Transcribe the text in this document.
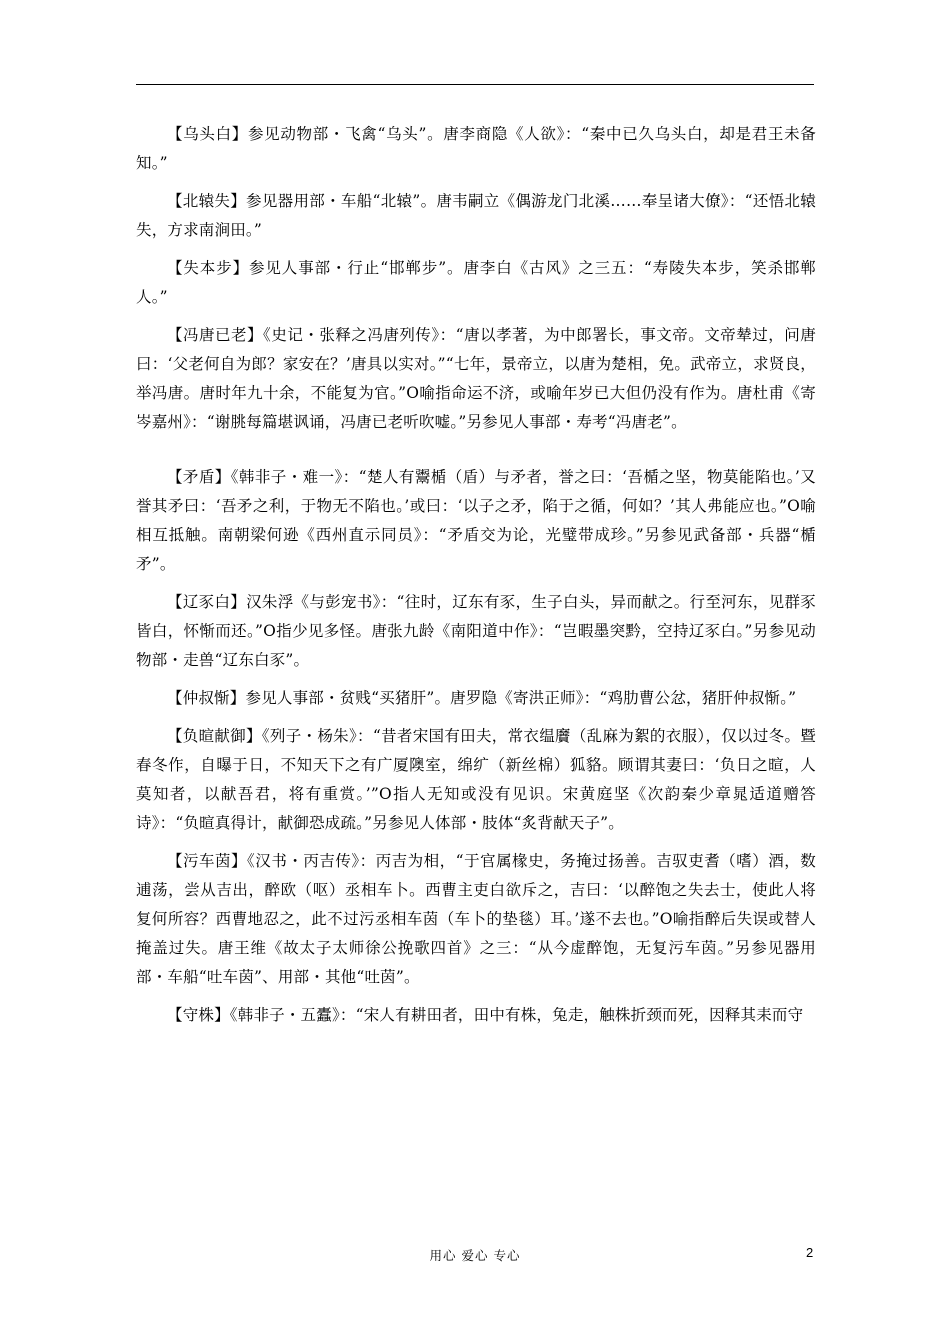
【乌头白】参见动物部・飞禽“乌头”。唐李商隐《人欲》：“秦中已久乌头白，却是君王未备知。”

【北辕失】参见器用部・车船“北辕”。唐韦嗣立《偶游龙门北溪……奉呈诸大僚》：“还悟北辕失，方求南涧田。”

【失本步】参见人事部・行止“邯郸步”。唐李白《古风》之三五：“寿陵失本步，笑杀邯郸人。”

【冯唐已老】《史记・张释之冯唐列传》：“唐以孝著，为中郎署长，事文帝。文帝辇过，问唐曰：‘父老何自为郎？家安在？’唐具以实对。”“七年，景帝立，以唐为楚相，免。武帝立，求贤良，举冯唐。唐时年九十余，不能复为官。”О喻指命运不济，或喻年岁已大但仍没有作为。唐杜甫《寄岑嘉州》：“谢朓每篇堪讽诵，冯唐已老听吹嘘。”另参见人事部・寿考“冯唐老”。

【矛盾】《韩非子・难一》：“楚人有鬻楯（盾）与矛者，誉之曰：‘吾楯之坚，物莫能陷也。’又誉其矛曰：‘吾矛之利，于物无不陷也。’或曰：‘以子之矛，陷于之循，何如？’其人弗能应也。”О喻相互抵触。南朝梁何逊《西州直示同员》：“矛盾交为论，光璧带成珍。”另参见武备部・兵器“楯矛”。

【辽豕白】汉朱浮《与彭宠书》：“往时，辽东有豕，生子白头，异而献之。行至河东，见群豕皆白，怀惭而还。”О指少见多怪。唐张九龄《南阳道中作》：“岂暇墨突黔，空持辽豕白。”另参见动物部・走兽“辽东白豕”。

【仲叔惭】参见人事部・贫贱“买猪肝”。唐罗隐《寄洪正师》：“鸡肋曹公忿，猪肝仲叔惭。”

【负暄献御】《列子・杨朱》：“昔者宋国有田夫，常衣缊黂（乱麻为絮的衣服），仅以过冬。暨春冬作，自曝于日，不知天下之有广厦隩室，绵纩（新丝棉）狐貉。顾谓其妻曰：‘负日之暄，人莫知者，以献吾君，将有重赏。’”О指人无知或没有见识。宋黄庭坚《次韵秦少章晁适道赠答诗》：“负暄真得计，献御恐成疏。”另参见人体部・肢体“炙背献天子”。

【污车茵】《汉书・丙吉传》：丙吉为相，“于官属椽史，务掩过扬善。吉驭吏耆（嗜）酒，数逋荡，尝从吉出，醉欧（呕）丞相车卜。西曹主吏白欲斥之，吉曰：‘以醉饱之失去士，使此人将复何所容？西曹地忍之，此不过污丞相车茵（车卜的垫毯）耳。’遂不去也。”О喻指醉后失误或替人掩盖过失。唐王维《故太子太师徐公挽歌四首》之三：“从今虚醉饱，无复污车茵。”另参见器用部・车船“吐车茵”、用部・其他“吐茵”。

【守株】《韩非子・五蠹》：“宋人有耕田者，田中有株，兔走，触株折颈而死，因释其耒而守

用心 爱心 专心	2
